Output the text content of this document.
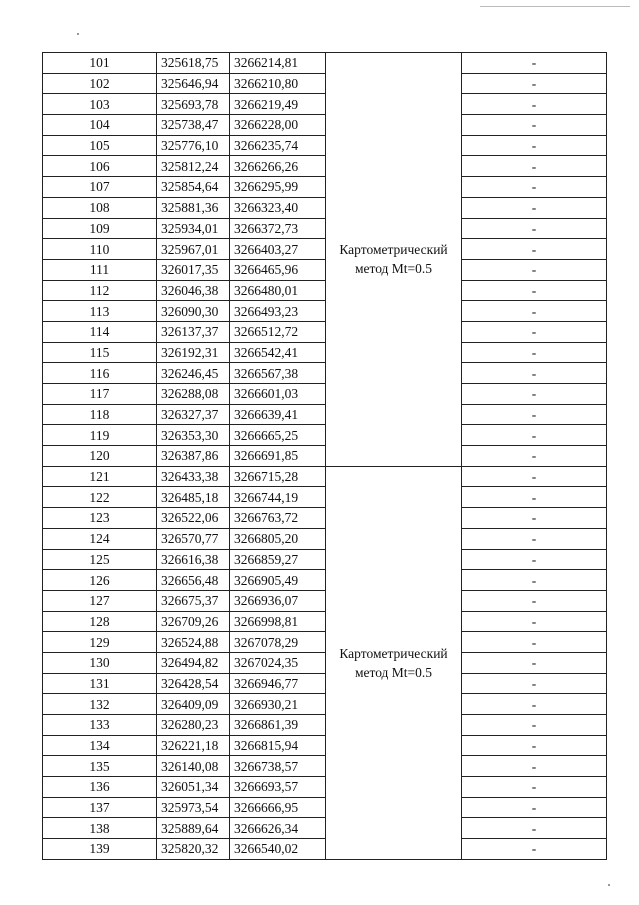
101	325618,75	3266214,81	Картометрический метод Mt=0.5	-
102	325646,94	3266210,80		-
103	325693,78	3266219,49		-
104	325738,47	3266228,00		-
105	325776,10	3266235,74		-
106	325812,24	3266266,26		-
107	325854,64	3266295,99		-
108	325881,36	3266323,40		-
109	325934,01	3266372,73		-
110	325967,01	3266403,27		-
111	326017,35	3266465,96		-
112	326046,38	3266480,01		-
113	326090,30	3266493,23		-
114	326137,37	3266512,72		-
115	326192,31	3266542,41		-
116	326246,45	3266567,38		-
117	326288,08	3266601,03		-
118	326327,37	3266639,41		-
119	326353,30	3266665,25		-
120	326387,86	3266691,85		-
121	326433,38	3266715,28	Картометрический метод Mt=0.5	-
122	326485,18	3266744,19		-
123	326522,06	3266763,72		-
124	326570,77	3266805,20		-
125	326616,38	3266859,27		-
126	326656,48	3266905,49		-
127	326675,37	3266936,07		-
128	326709,26	3266998,81		-
129	326524,88	3267078,29		-
130	326494,82	3267024,35		-
131	326428,54	3266946,77		-
132	326409,09	3266930,21		-
133	326280,23	3266861,39		-
134	326221,18	3266815,94		-
135	326140,08	3266738,57		-
136	326051,34	3266693,57		-
137	325973,54	3266666,95		-
138	325889,64	3266626,34		-
139	325820,32	3266540,02		-
